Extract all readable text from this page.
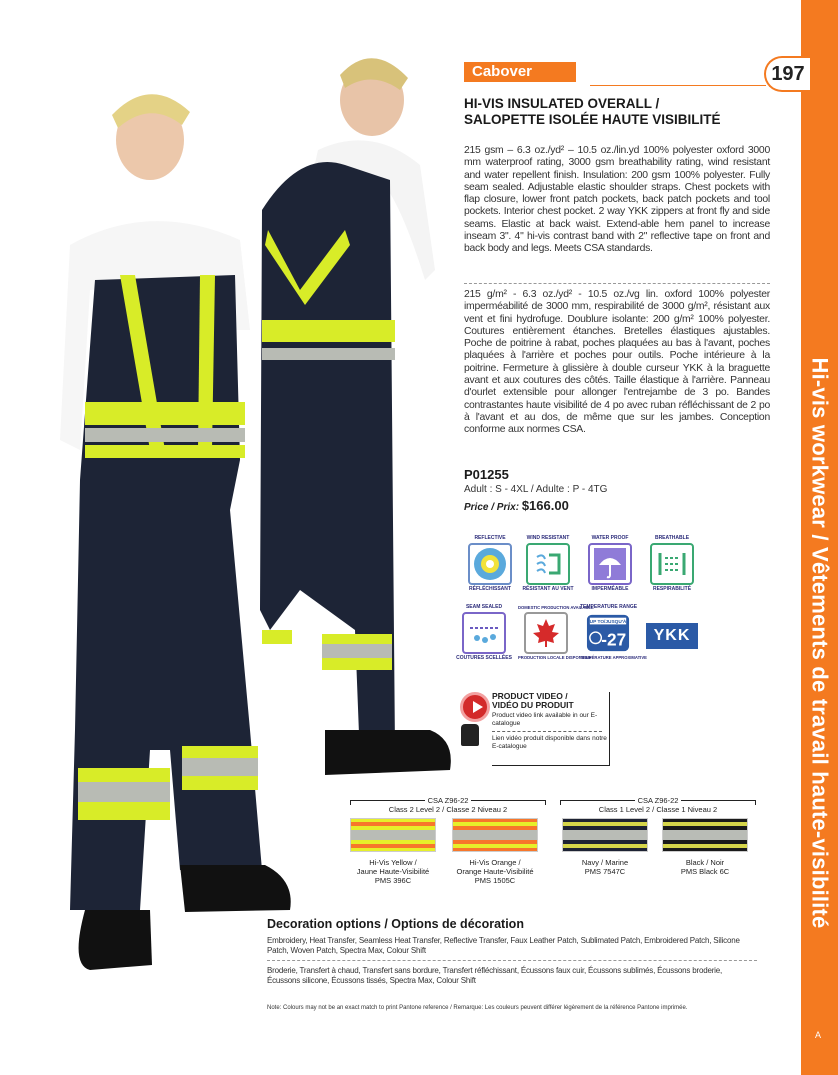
Hi-vis workwear / Vêtements de travail haute-visibilité
A
197
Cabover
HI-VIS INSULATED OVERALL /
SALOPETTE ISOLÉE HAUTE VISIBILITÉ
215 gsm – 6.3 oz./yd² – 10.5 oz./lin.yd 100% polyester oxford 3000 mm waterproof rating, 3000 gsm breathability rating, wind resistant and water repellent finish. Insulation: 200 gsm 100% polyester. Fully seam sealed. Adjustable elastic shoulder straps. Chest pockets with flap closure, lower front patch pockets, back patch pockets and tool pockets. Interior chest pocket. 2 way YKK zippers at front fly and side seams. Elastic at back waist. Extend-able hem panel to increase inseam 3". 4" hi-vis contrast band with 2" reflective tape on front and back body and legs. Meets CSA standards.
215 g/m² - 6.3 oz./yd² - 10.5 oz./vg lin. oxford 100% polyester imperméabilité de 3000 mm, respirabilité de 3000 g/m², résistant aux vent et fini hydrofuge. Doublure isolante: 200 g/m² 100% polyester. Coutures entièrement étanches. Bretelles élastiques ajustables. Poche de poitrine à rabat, poches plaquées au bas à l'avant, poches plaquées à l'arrière et poches pour outils. Poche intérieure à la poitrine. Fermeture à glissière à double curseur YKK à la braguette avant et aux coutures des côtés. Taille élastique à l'arrière. Panneau d'ourlet extensible pour allonger l'entrejambe de 3 po. Bandes contrastantes haute visibilité de 4 po avec ruban réfléchissant de 2 po à l'avant et au dos, de même que sur les jambes. Conception conforme aux normes CSA.
P01255
Adult : S - 4XL / Adulte : P - 4TG
Price / Prix: $166.00
REFLECTIVE
RÉFLÉCHISSANT
WIND RESISTANT
RÉSISTANT AU VENT
WATER PROOF
IMPERMÉABLE
BREATHABLE
RESPIRABILITÉ
SEAM SEALED
COUTURES SCELLÉES
DOMESTIC PRODUCTION AVAILABLE
PRODUCTION LOCALE DISPONIBLE
TEMPERATURE RANGE
UP TO/JUSQU'À
-27
TEMPÉRATURE APPROXIMATIVE
YKK
PRODUCT VIDEO /
VIDÉO DU PRODUIT
Product video link available in our E-catalogue
Lien vidéo produit disponible dans notre E-catalogue
CSA Z96-22
Class 2 Level 2 / Classe 2 Niveau 2
CSA Z96-22
Class 1 Level 2 / Classe 1 Niveau 2
Hi-Vis Yellow /
Jaune Haute-Visibilité
PMS 396C
Hi-Vis Orange /
Orange Haute-Visibilité
PMS 1505C
Navy / Marine
PMS 7547C
Black / Noir
PMS Black 6C
Decoration options / Options de décoration
Embroidery, Heat Transfer, Seamless Heat Transfer, Reflective Transfer, Faux Leather Patch, Sublimated Patch, Embroidered Patch, Silicone Patch, Woven Patch, Spectra Max, Colour Shift
Broderie, Transfert à chaud, Transfert sans bordure, Transfert réfléchissant, Écussons faux cuir, Écussons sublimés, Écussons broderie, Écussons silicone, Écussons tissés, Spectra Max, Colour Shift
Note: Colours may not be an exact match to print Pantone reference / Remarque: Les couleurs peuvent différer légèrement de la référence Pantone imprimée.
